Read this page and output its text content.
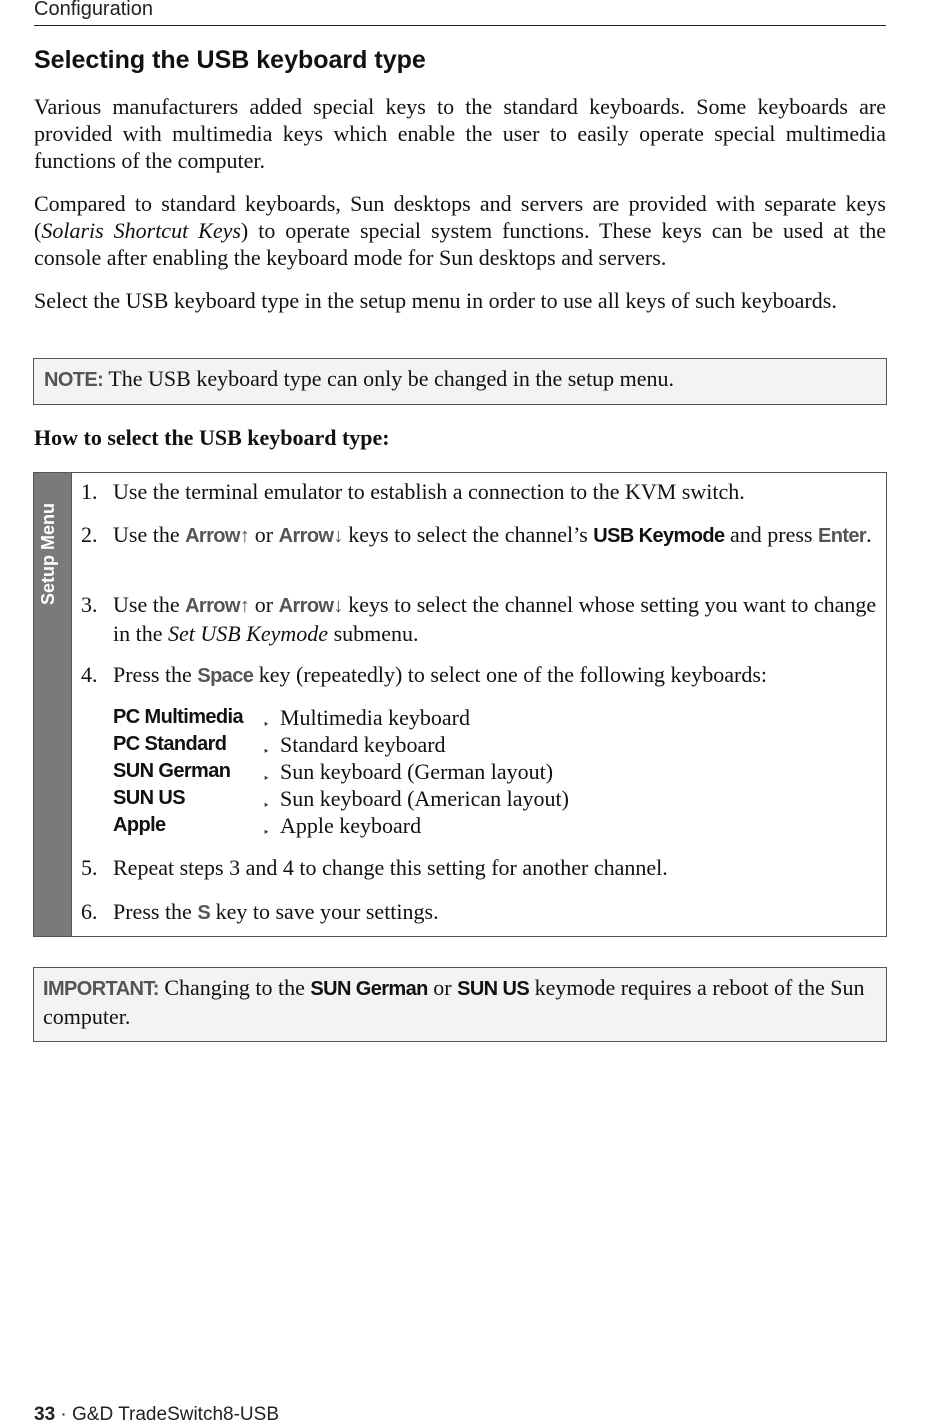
Configuration
Selecting the USB keyboard type

Various manufacturers added special keys to the standard keyboards. Some keyboards are provided with multimedia keys which enable the user to easily operate special multimedia functions of the computer.

Compared to standard keyboards, Sun desktops and servers are provided with separate keys (Solaris Shortcut Keys) to operate special system functions. These keys can be used at the console after enabling the keyboard mode for Sun desktops and servers.

Select the USB keyboard type in the setup menu in order to use all keys of such keyboards.

NOTE: The USB keyboard type can only be changed in the setup menu.
How to select the USB keyboard type:
Setup Menu
1. Use the terminal emulator to establish a connection to the KVM switch.
2. Use the Arrow↑ or Arrow↓ keys to select the channel’s USB Keymode and press Enter.
3. Use the Arrow↑ or Arrow↓ keys to select the channel whose setting you want to change in the Set USB Keymode submenu.
4. Press the Space key (repeatedly) to select one of the following keyboards:
PC Multimedia ‣ Multimedia keyboard
PC Standard	‣ Standard keyboard
SUN German	‣ Sun keyboard (German layout)
SUN US	‣ Sun keyboard (American layout)
Apple	‣ Apple keyboard
5. Repeat steps 3 and 4 to change this setting for another channel.
6. Press the S key to save your settings.
IMPORTANT: Changing to the SUN German or SUN US keymode requires a reboot of the Sun computer.
33 · G&D TradeSwitch8-USB
